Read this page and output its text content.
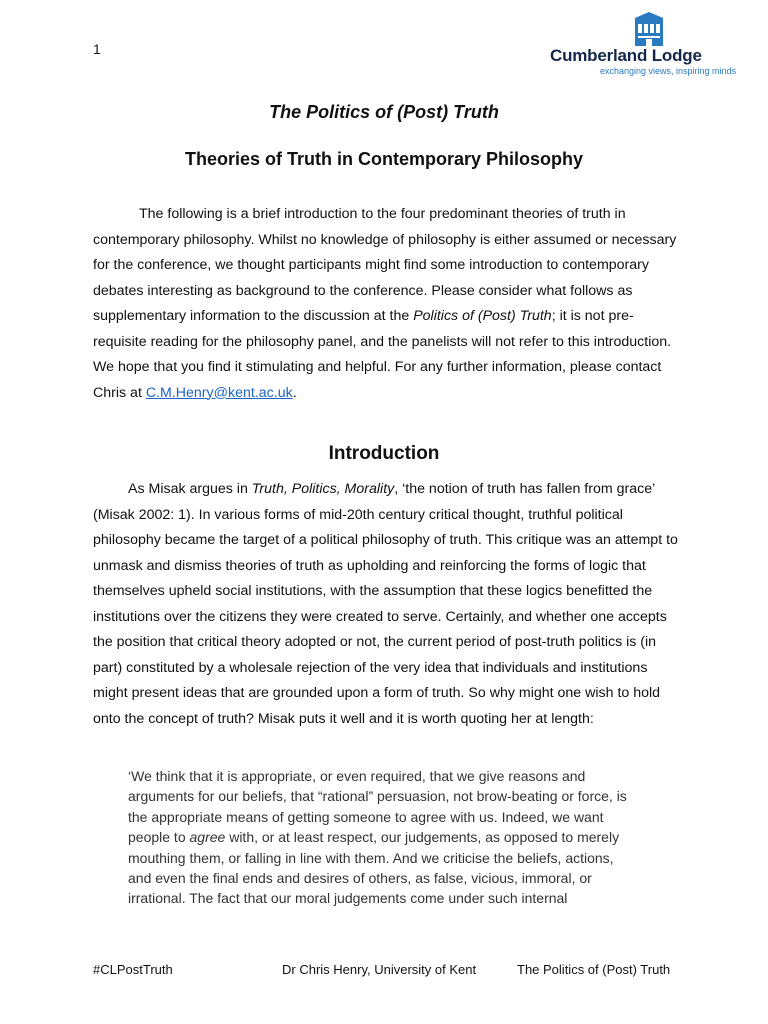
1	Cumberland Lodge
exchanging views, inspiring minds
The Politics of (Post) Truth
Theories of Truth in Contemporary Philosophy

The following is a brief introduction to the four predominant theories of truth in contemporary philosophy. Whilst no knowledge of philosophy is either assumed or necessary for the conference, we thought participants might find some introduction to contemporary debates interesting as background to the conference. Please consider what follows as supplementary information to the discussion at the Politics of (Post) Truth; it is not pre-requisite reading for the philosophy panel, and the panelists will not refer to this introduction. We hope that you find it stimulating and helpful. For any further information, please contact Chris at C.M.Henry@kent.ac.uk.

Introduction

As Misak argues in Truth, Politics, Morality, ‘the notion of truth has fallen from grace’ (Misak 2002: 1). In various forms of mid-20th century critical thought, truthful political philosophy became the target of a political philosophy of truth. This critique was an attempt to unmask and dismiss theories of truth as upholding and reinforcing the forms of logic that themselves upheld social institutions, with the assumption that these logics benefitted the institutions over the citizens they were created to serve. Certainly, and whether one accepts the position that critical theory adopted or not, the current period of post-truth politics is (in part) constituted by a wholesale rejection of the very idea that individuals and institutions might present ideas that are grounded upon a form of truth. So why might one wish to hold onto the concept of truth? Misak puts it well and it is worth quoting her at length:

‘We think that it is appropriate, or even required, that we give reasons and arguments for our beliefs, that “rational” persuasion, not brow-beating or force, is the appropriate means of getting someone to agree with us. Indeed, we want people to agree with, or at least respect, our judgements, as opposed to merely mouthing them, or falling in line with them. And we criticise the beliefs, actions, and even the final ends and desires of others, as false, vicious, immoral, or irrational. The fact that our moral judgements come under such internal

#CLPostTruth	Dr Chris Henry, University of Kent	The Politics of (Post) Truth
